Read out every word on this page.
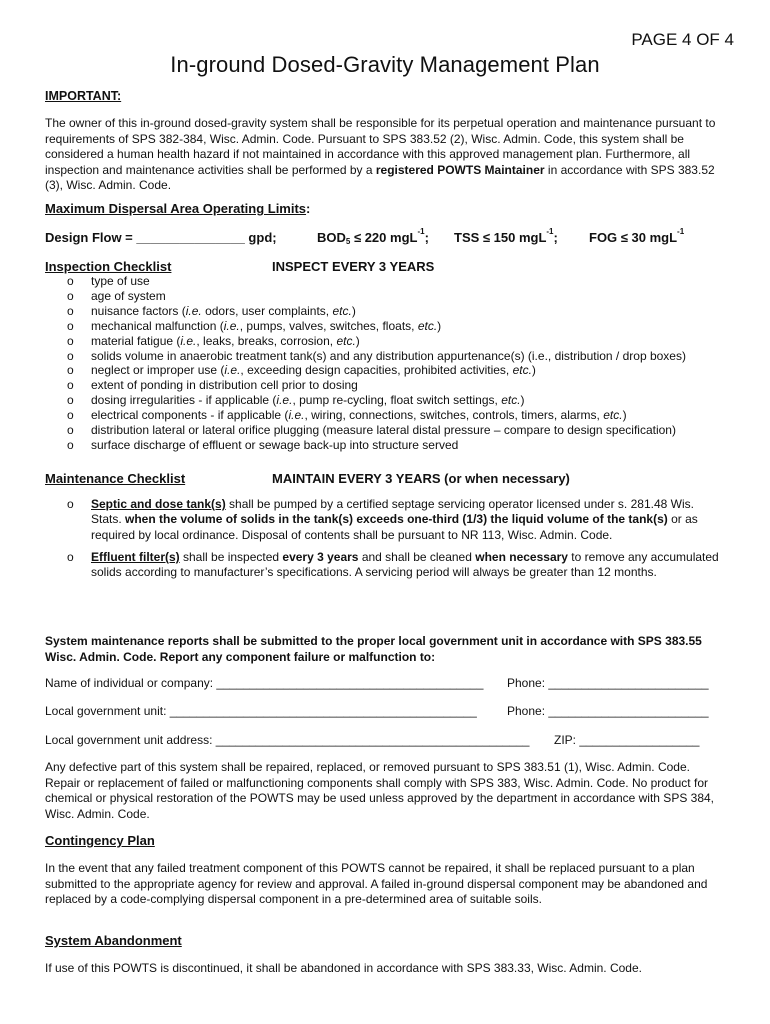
PAGE 4 OF 4
In-ground Dosed-Gravity Management Plan
IMPORTANT:
The owner of this in-ground dosed-gravity system shall be responsible for its perpetual operation and maintenance pursuant to requirements of SPS 382-384, Wisc. Admin. Code. Pursuant to SPS 383.52 (2), Wisc. Admin. Code, this system shall be considered a human health hazard if not maintained in accordance with this approved management plan. Furthermore, all inspection and maintenance activities shall be performed by a registered POWTS Maintainer in accordance with SPS 383.52 (3), Wisc. Admin. Code.
Maximum Dispersal Area Operating Limits:
Design Flow = _______________ gpd;	$BOD_5 \le 220$ mgL$^{-1}$; TSS ≤ 150 mgL$^{-1}$; FOG ≤ 30 mgL$^{-1}$
Inspection Checklist	INSPECT EVERY 3 YEARS
o type of use
o age of system
o nuisance factors (i.e. odors, user complaints, etc.)
o mechanical malfunction (i.e., pumps, valves, switches, floats, etc.)
o material fatigue (i.e., leaks, breaks, corrosion, etc.)
o solids volume in anaerobic treatment tank(s) and any distribution appurtenance(s) (i.e., distribution / drop boxes)
o neglect or improper use (i.e., exceeding design capacities, prohibited activities, etc.)
o extent of ponding in distribution cell prior to dosing
o dosing irregularities - if applicable (i.e., pump re-cycling, float switch settings, etc.)
o electrical components - if applicable (i.e., wiring, connections, switches, controls, timers, alarms, etc.)
o distribution lateral or lateral orifice plugging (measure lateral distal pressure – compare to design specification)
o surface discharge of effluent or sewage back-up into structure served
Maintenance Checklist	MAINTAIN EVERY 3 YEARS (or when necessary)
o Septic and dose tank(s) shall be pumped by a certified septage servicing operator licensed under s. 281.48 Wis. Stats. when the volume of solids in the tank(s) exceeds one-third (1/3) the liquid volume of the tank(s) or as required by local ordinance. Disposal of contents shall be pursuant to NR 113, Wisc. Admin. Code.
o Effluent filter(s) shall be inspected every 3 years and shall be cleaned when necessary to remove any accumulated solids according to manufacturer’s specifications. A servicing period will always be greater than 12 months.
System maintenance reports shall be submitted to the proper local government unit in accordance with SPS 383.55 Wisc. Admin. Code. Report any component failure or malfunction to:
Name of individual or company: ________________________________________ Phone: ________________________
Local government unit: ______________________________________________	Phone: ________________________
Local government unit address: _______________________________________________ ZIP: __________________
Any defective part of this system shall be repaired, replaced, or removed pursuant to SPS 383.51 (1), Wisc. Admin. Code. Repair or replacement of failed or malfunctioning components shall comply with SPS 383, Wisc. Admin. Code. No product for chemical or physical restoration of the POWTS may be used unless approved by the department in accordance with SPS 384, Wisc. Admin. Code.
Contingency Plan
In the event that any failed treatment component of this POWTS cannot be repaired, it shall be replaced pursuant to a plan submitted to the appropriate agency for review and approval. A failed in-ground dispersal component may be abandoned and replaced by a code-complying dispersal component in a pre-determined area of suitable soils.
System Abandonment
If use of this POWTS is discontinued, it shall be abandoned in accordance with SPS 383.33, Wisc. Admin. Code.
